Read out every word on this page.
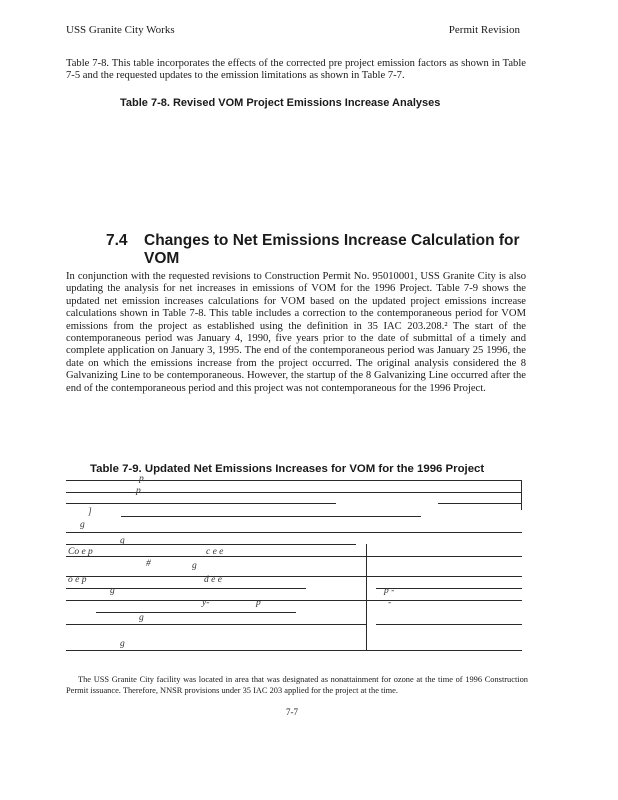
USS Granite City Works	Permit Revision
Table 7-8. This table incorporates the effects of the corrected pre project emission factors as shown in Table 7-5 and the requested updates to the emission limitations as shown in Table 7-7.
Table 7-8. Revised VOM Project Emissions Increase Analyses
7.4 Changes to Net Emissions Increase Calculation for VOM
In conjunction with the requested revisions to Construction Permit No. 95010001, USS Granite City is also updating the analysis for net increases in emissions of VOM for the 1996 Project. Table 7-9 shows the updated net emission increases calculations for VOM based on the updated project emissions increase calculations shown in Table 7-8. This table includes a correction to the contemporaneous period for VOM emissions from the project as established using the definition in 35 IAC 203.208.² The start of the contemporaneous period was January 4, 1990, five years prior to the date of submittal of a timely and complete application on January 3, 1995. The end of the contemporaneous period was January 25 1996, the date on which the emissions increase from the project occurred. The original analysis considered the 8 Galvanizing Line to be contemporaneous. However, the startup of the 8 Galvanizing Line occurred after the end of the contemporaneous period and this project was not contemporaneous for the 1996 Project.
Table 7-9. Updated Net Emissions Increases for VOM for the 1996 Project
p
p
]
g
g
Co e p	c e e
#	g
o e p	d e e
g	p -
y-	p	-
g
g
The USS Granite City facility was located in area that was designated as nonattainment for ozone at the time of 1996 Construction Permit issuance. Therefore, NNSR provisions under 35 IAC 203 applied for the project at the time.
7-7
